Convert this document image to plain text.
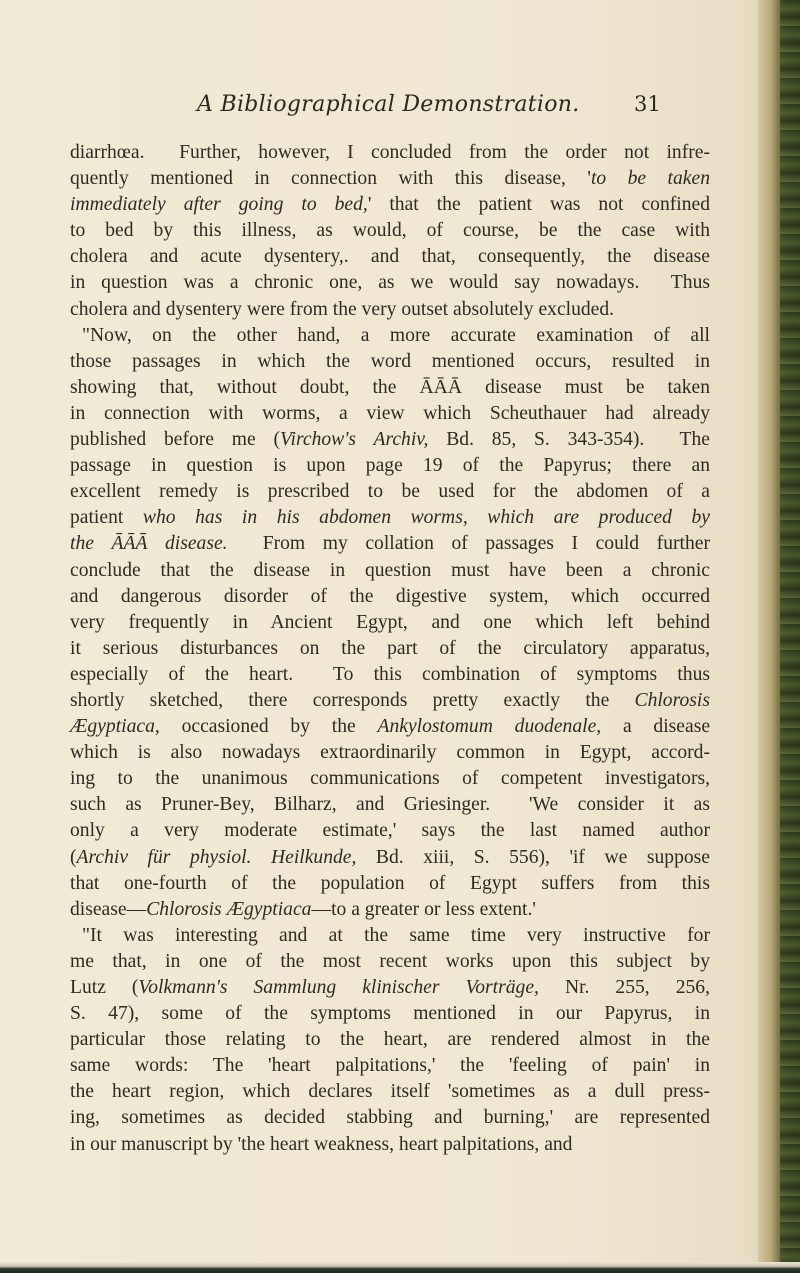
A Bibliographical Demonstration.	31
diarrhœa.  Further, however, I concluded from the order not infre-
quently mentioned in connection with this disease, 'to be taken
immediately after going to bed,' that the patient was not confined
to bed by this illness, as would, of course, be the case with
cholera and acute dysentery,. and that, consequently, the disease
in question was a chronic one, as we would say nowadays.  Thus
cholera and dysentery were from the very outset absolutely excluded.
"Now, on the other hand, a more accurate examination of all
those passages in which the word mentioned occurs, resulted in
showing that, without doubt, the ĀĀĀ disease must be taken
in connection with worms, a view which Scheuthauer had already
published before me (Virchow's Archiv, Bd. 85, S. 343-354).  The
passage in question is upon page 19 of the Papyrus; there an
excellent remedy is prescribed to be used for the abdomen of a
patient who has in his abdomen worms, which are produced by
the ĀĀĀ disease.  From my collation of passages I could further
conclude that the disease in question must have been a chronic
and dangerous disorder of the digestive system, which occurred
very frequently in Ancient Egypt, and one which left behind
it serious disturbances on the part of the circulatory apparatus,
especially of the heart.  To this combination of symptoms thus
shortly sketched, there corresponds pretty exactly the Chlorosis
Ægyptiaca, occasioned by the Ankylostomum duodenale, a disease
which is also nowadays extraordinarily common in Egypt, accord-
ing to the unanimous communications of competent investigators,
such as Pruner-Bey, Bilharz, and Griesinger.  'We consider it as
only a very moderate estimate,' says the last named author
(Archiv für physiol. Heilkunde, Bd. xiii, S. 556), 'if we suppose
that one-fourth of the population of Egypt suffers from this
disease—Chlorosis Ægyptiaca—to a greater or less extent.'
"It was interesting and at the same time very instructive for
me that, in one of the most recent works upon this subject by
Lutz (Volkmann's Sammlung klinischer Vorträge, Nr. 255, 256,
S. 47), some of the symptoms mentioned in our Papyrus, in
particular those relating to the heart, are rendered almost in the
same words: The 'heart palpitations,' the 'feeling of pain' in
the heart region, which declares itself 'sometimes as a dull press-
ing, sometimes as decided stabbing and burning,' are represented
in our manuscript by 'the heart weakness, heart palpitations, and
